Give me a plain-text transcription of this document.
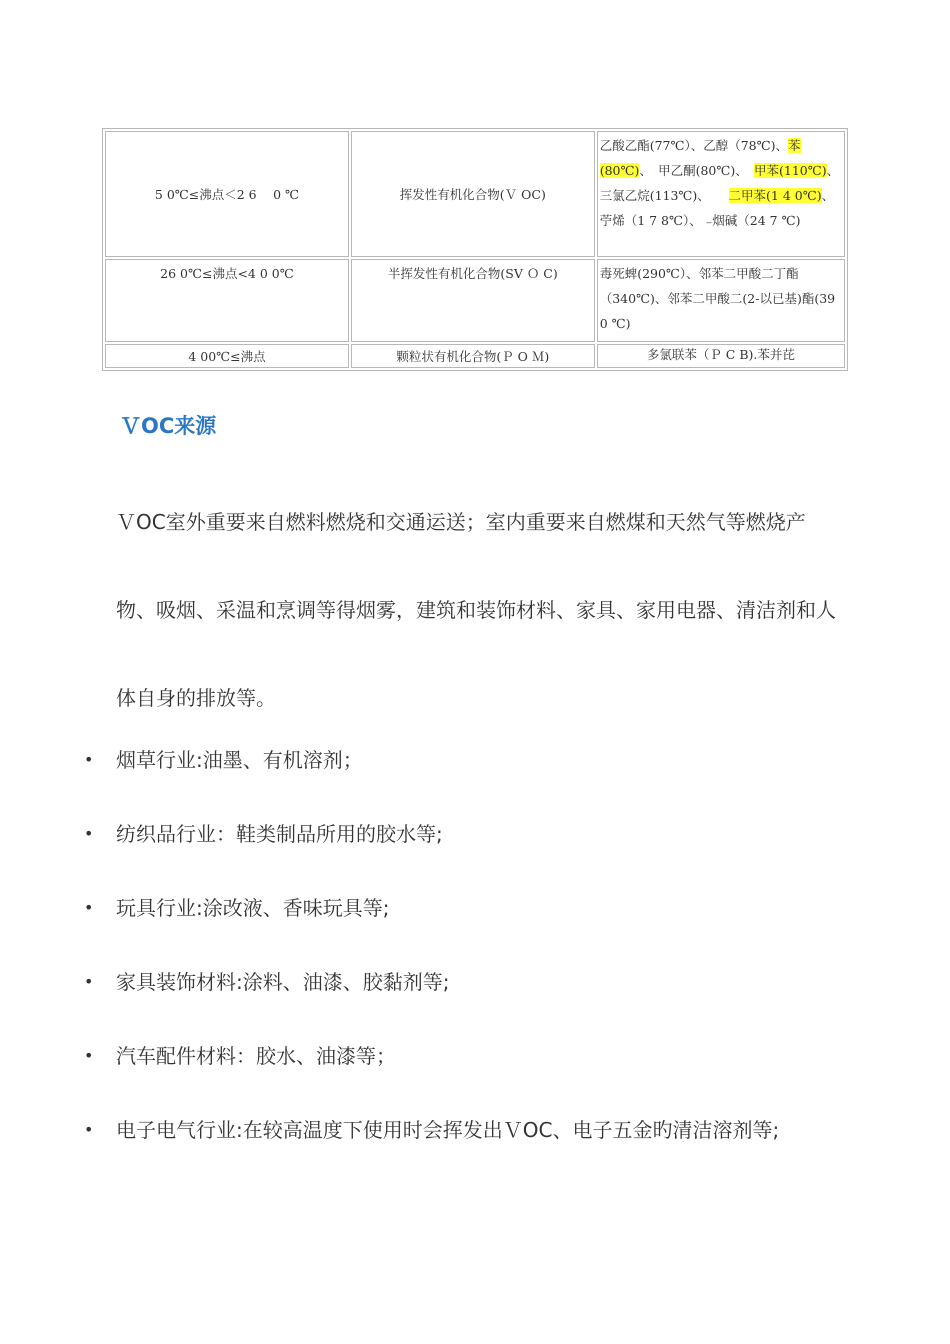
5 0℃≤沸点＜2 6 　0 ℃	挥发性有机化合物(Ｖ OC)	乙酸乙酯(77℃）、乙醇（78℃)、苯(80℃)、　甲乙酮(80℃)、　甲苯(110℃)、三氯乙烷(113℃)、　　二甲苯(1 4 0℃)、　苧烯（1 7 8℃）、 ₋烟碱（24 7 ℃)
26 0℃≤沸点<4 0 0℃	半挥发性有机化合物(SV Ｏ C)	毒死蜱(290℃）、邻苯二甲酸二丁酯（340℃)、邻苯二甲酸二(2-以已基)酯(39 0 ℃)
4 00℃≤沸点	颗粒状有机化合物(Ｐ O Ｍ)	多氯联苯（Ｐ C B).苯并芘
ＶOC来源

ＶOC室外重要来自燃料燃烧和交通运送；室内重要来自燃煤和天然气等燃烧产物、吸烟、采温和烹调等得烟雾，建筑和装饰材料、家具、家用电器、清洁剂和人体自身的排放等。

• 烟草行业:油墨、有机溶剂；
• 纺织品行业：鞋类制品所用的胶水等;
• 玩具行业:涂改液、香味玩具等;
• 家具装饰材料:涂料、油漆、胶黏剂等;
• 汽车配件材料：胶水、油漆等；
• 电子电气行业:在较高温度下使用时会挥发出ＶOC、电子五金旳清洁溶剂等;
